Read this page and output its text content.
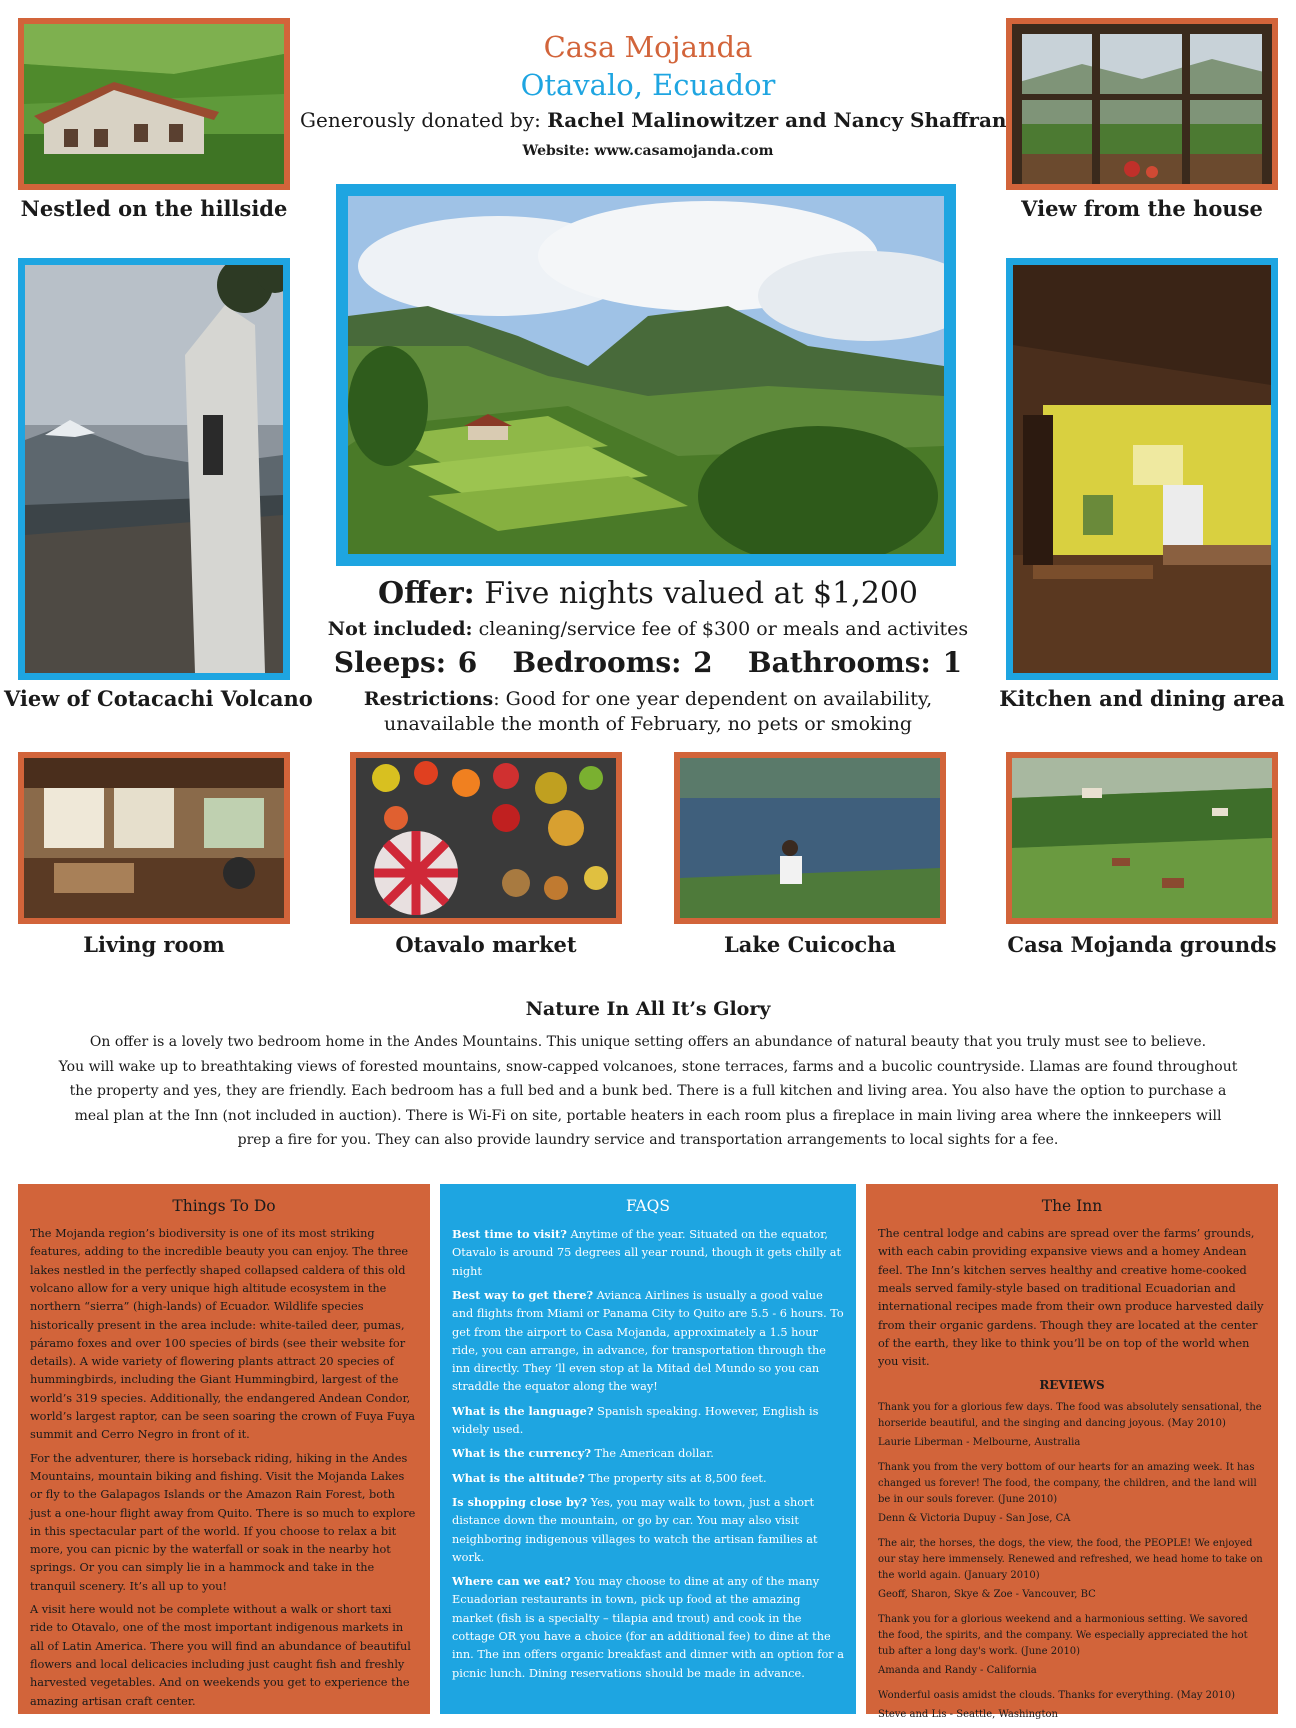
Casa Mojanda
Otavalo, Ecuador
Generously donated by: Rachel Malinowitzer and Nancy Shaffran
Website: www.casamojanda.com
Nestled on the hillside	View from the house
View of Cotacachi Volcano	Kitchen and dining area
Offer: Five nights valued at $1,200
Not included: cleaning/service fee of $300 or meals and activites
Sleeps: 6 Bedrooms: 2 Bathrooms: 1
Restrictions: Good for one year dependent on availability,
unavailable the month of February, no pets or smoking
Living room	Otavalo market	Lake Cuicocha	Casa Mojanda grounds
Nature In All It’s Glory
On offer is a lovely two bedroom home in the Andes Mountains. This unique setting offers an abundance of natural beauty that you truly must see to believe.
You will wake up to breathtaking views of forested mountains, snow-capped volcanoes, stone terraces, farms and a bucolic countryside. Llamas are found throughout
the property and yes, they are friendly. Each bedroom has a full bed and a bunk bed. There is a full kitchen and living area. You also have the option to purchase a
meal plan at the Inn (not included in auction). There is Wi-Fi on site, portable heaters in each room plus a fireplace in main living area where the innkeepers will
prep a fire for you. They can also provide laundry service and transportation arrangements to local sights for a fee.
Things To Do

The Mojanda region’s biodiversity is one of its most striking features, adding to the incredible beauty you can enjoy. The three lakes nestled in the perfectly shaped collapsed caldera of this old volcano allow for a very unique high altitude ecosystem in the northern “sierra” (high-lands) of Ecuador. Wildlife species historically present in the area include: white-tailed deer, pumas, páramo foxes and over 100 species of birds (see their website for details). A wide variety of flowering plants attract 20 species of hummingbirds, including the Giant Hummingbird, largest of the world’s 319 species. Additionally, the endangered Andean Condor, world’s largest raptor, can be seen soaring the crown of Fuya Fuya summit and Cerro Negro in front of it.

For the adventurer, there is horseback riding, hiking in the Andes Mountains, mountain biking and fishing. Visit the Mojanda Lakes or fly to the Galapagos Islands or the Amazon Rain Forest, both just a one-hour flight away from Quito. There is so much to explore in this spectacular part of the world. If you choose to relax a bit more, you can picnic by the waterfall or soak in the nearby hot springs. Or you can simply lie in a hammock and take in the tranquil scenery. It’s all up to you!

A visit here would not be complete without a walk or short taxi ride to Otavalo, one of the most important indigenous markets in all of Latin America. There you will find an abundance of beautiful flowers and local delicacies including just caught fish and freshly harvested vegetables. And on weekends you get to experience the amazing artisan craft center.

FAQS

Best time to visit? Anytime of the year. Situated on the equator, Otavalo is around 75 degrees all year round, though it gets chilly at night

Best way to get there? Avianca Airlines is usually a good value and flights from Miami or Panama City to Quito are 5.5 - 6 hours. To get from the airport to Casa Mojanda, approximately a 1.5 hour ride, you can arrange, in advance, for transportation through the inn directly. They ’ll even stop at la Mitad del Mundo so you can straddle the equator along the way!

What is the language? Spanish speaking. However, English is widely used.

What is the currency? The American dollar.

What is the altitude? The property sits at 8,500 feet.

Is shopping close by? Yes, you may walk to town, just a short distance down the mountain, or go by car. You may also visit neighboring indigenous villages to watch the artisan families at work.

Where can we eat? You may choose to dine at any of the many Ecuadorian restaurants in town, pick up food at the amazing market (fish is a specialty – tilapia and trout) and cook in the cottage OR you have a choice (for an additional fee) to dine at the inn. The inn offers organic breakfast and dinner with an option for a picnic lunch. Dining reservations should be made in advance.

The Inn

The central lodge and cabins are spread over the farms’ grounds, with each cabin providing expansive views and a homey Andean feel. The Inn’s kitchen serves healthy and creative home-cooked meals served family-style based on traditional Ecuadorian and international recipes made from their own produce harvested daily from their organic gardens. Though they are located at the center of the earth, they like to think you’ll be on top of the world when you visit.

REVIEWS

Thank you for a glorious few days. The food was absolutely sensational, the horseride beautiful, and the singing and dancing joyous. (May 2010)

Laurie Liberman - Melbourne, Australia

Thank you from the very bottom of our hearts for an amazing week. It has changed us forever! The food, the company, the children, and the land will be in our souls forever. (June 2010)

Denn & Victoria Dupuy - San Jose, CA

The air, the horses, the dogs, the view, the food, the PEOPLE! We enjoyed our stay here immensely. Renewed and refreshed, we head home to take on the world again. (January 2010)

Geoff, Sharon, Skye & Zoe - Vancouver, BC

Thank you for a glorious weekend and a harmonious setting. We savored the food, the spirits, and the company. We especially appreciated the hot tub after a long day's work. (June 2010)

Amanda and Randy - California

Wonderful oasis amidst the clouds. Thanks for everything. (May 2010)

Steve and Lis - Seattle, Washington
